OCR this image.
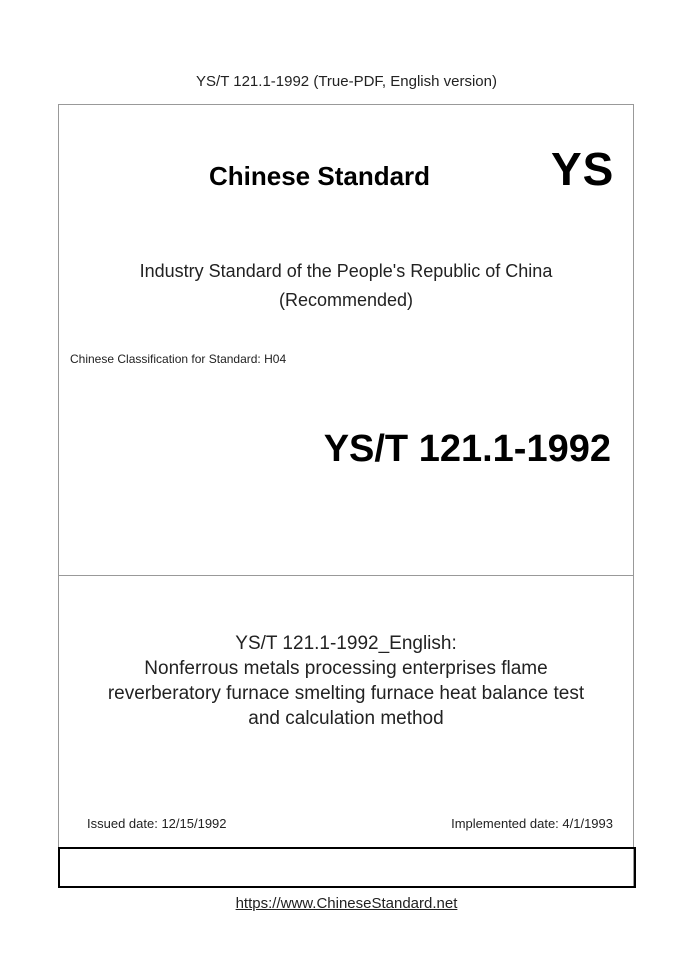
YS/T 121.1-1992 (True-PDF, English version)
Chinese Standard	YS
Industry Standard of the People's Republic of China
(Recommended)
Chinese Classification for Standard: H04
YS/T 121.1-1992
YS/T 121.1-1992_English:
Nonferrous metals processing enterprises flame
reverberatory furnace smelting furnace heat balance test
and calculation method
Issued date: 12/15/1992	Implemented date: 4/1/1993
https://www.ChineseStandard.net
